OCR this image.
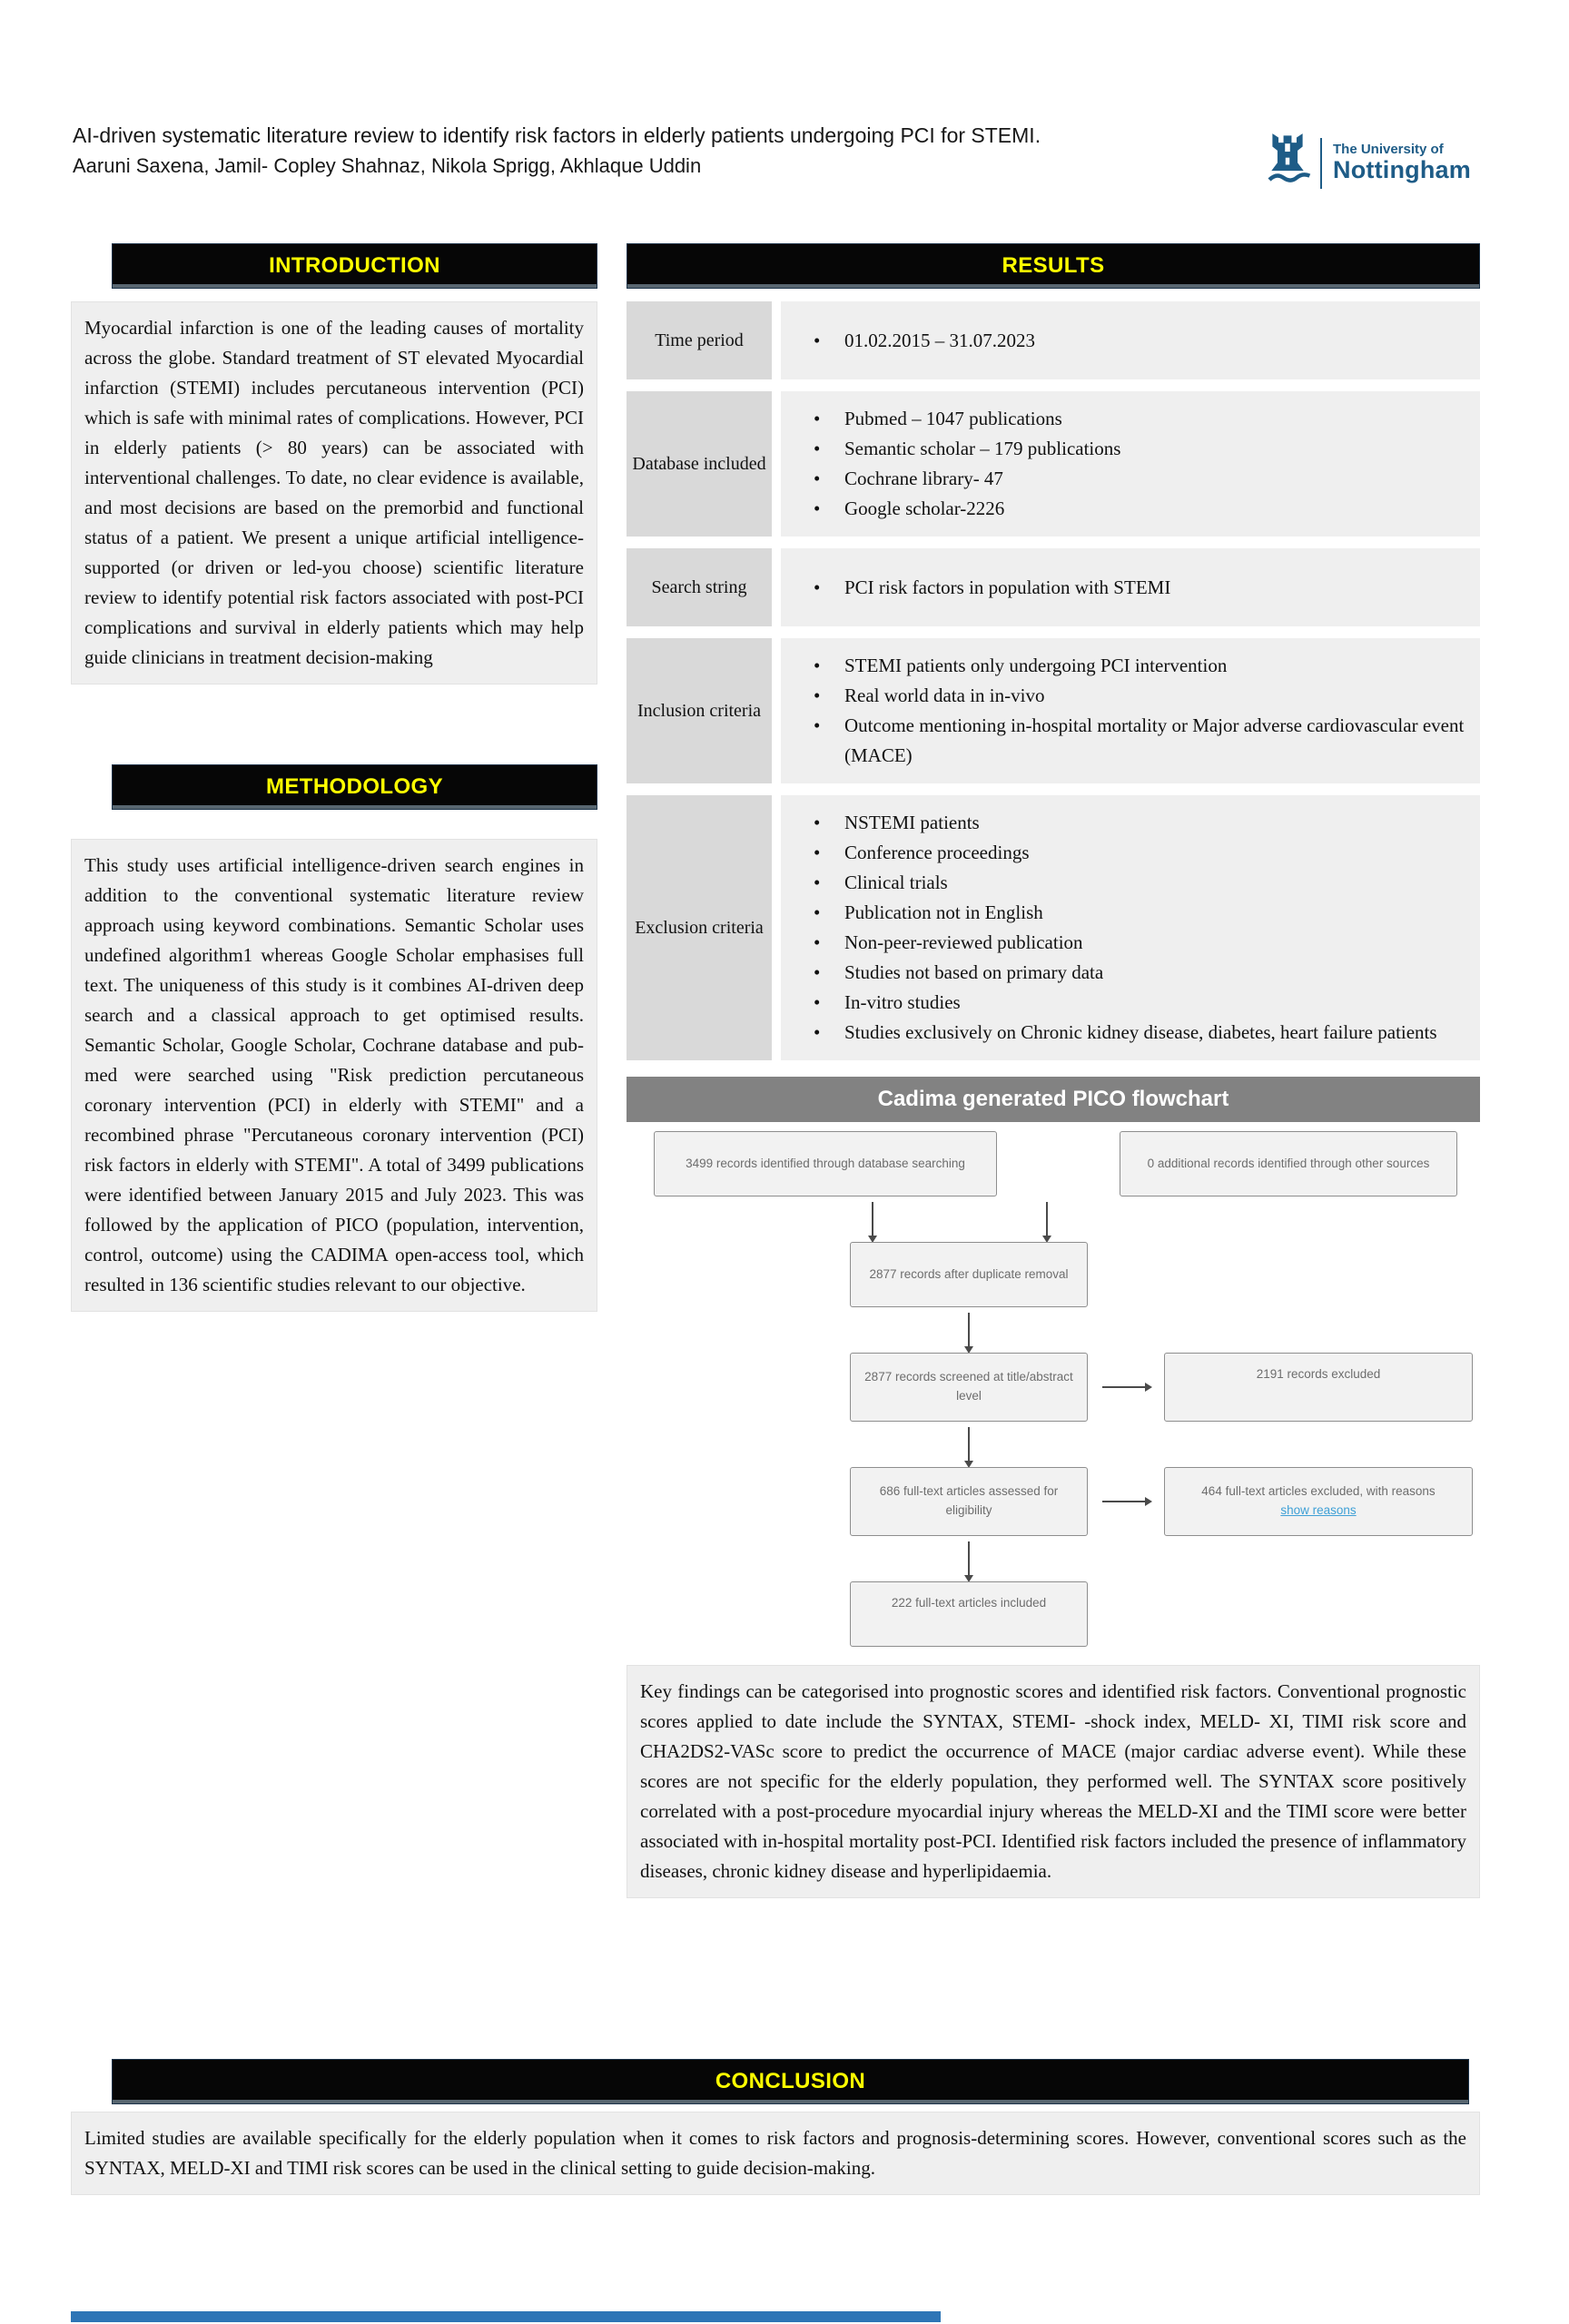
AI-driven systematic literature review to identify risk factors in elderly patients undergoing PCI for STEMI.
Aaruni Saxena, Jamil- Copley Shahnaz, Nikola Sprigg, Akhlaque Uddin
The University of
Nottingham
INTRODUCTION
Myocardial infarction is one of the leading causes of mortality across the globe. Standard treatment of ST elevated Myocardial infarction (STEMI) includes percutaneous intervention (PCI) which is safe with minimal rates of complications. However, PCI in elderly patients (> 80 years) can be associated with interventional challenges. To date, no clear evidence is available, and most decisions are based on the premorbid and functional status of a patient. We present a unique artificial intelligence-supported (or driven or led-you choose) scientific literature review to identify potential risk factors associated with post-PCI complications and survival in elderly patients which may help guide clinicians in treatment decision-making
METHODOLOGY
This study uses artificial intelligence-driven search engines in addition to the conventional systematic literature review approach using keyword combinations. Semantic Scholar uses undefined algorithm1 whereas Google Scholar emphasises full text. The uniqueness of this study is it combines AI-driven deep search and a classical approach to get optimised results. Semantic Scholar, Google Scholar, Cochrane database and pub-med were searched using "Risk prediction percutaneous coronary intervention (PCI) in elderly with STEMI" and a recombined phrase "Percutaneous coronary intervention (PCI) risk factors in elderly with STEMI". A total of 3499 publications were identified between January 2015 and July 2023. This was followed by the application of PICO (population, intervention, control, outcome) using the CADIMA open-access tool, which resulted in 136 scientific studies relevant to our objective.
RESULTS
Time period	• 01.02.2015 – 31.07.2023
Database included
• Pubmed – 1047 publications
• Semantic scholar – 179 publications
• Cochrane library- 47
• Google scholar-2226
Search string	• PCI risk factors in population with STEMI
Inclusion criteria
• STEMI patients only undergoing PCI intervention
• Real world data in in-vivo
• Outcome mentioning in-hospital mortality or Major adverse cardiovascular event (MACE)
Exclusion criteria
• NSTEMI patients
• Conference proceedings
• Clinical trials
• Publication not in English
• Non-peer-reviewed publication
• Studies not based on primary data
• In-vitro studies
• Studies exclusively on Chronic kidney disease, diabetes, heart failure patients
Cadima generated PICO flowchart
3499 records identified through database searching	0 additional records identified through other sources
2877 records after duplicate removal
2877 records screened at title/abstract level
2191 records excluded
686 full-text articles assessed for eligibility
464 full-text articles excluded, with reasons
show reasons
222 full-text articles included
Key findings can be categorised into prognostic scores and identified risk factors. Conventional prognostic scores applied to date include the SYNTAX, STEMI- -shock index, MELD- XI, TIMI risk score and CHA2DS2-VASc score to predict the occurrence of MACE (major cardiac adverse event). While these scores are not specific for the elderly population, they performed well. The SYNTAX score positively correlated with a post-procedure myocardial injury whereas the MELD-XI and the TIMI score were better associated with in-hospital mortality post-PCI. Identified risk factors included the presence of inflammatory diseases, chronic kidney disease and hyperlipidaemia.
CONCLUSION
Limited studies are available specifically for the elderly population when it comes to risk factors and prognosis-determining scores. However, conventional scores such as the SYNTAX, MELD-XI and TIMI risk scores can be used in the clinical setting to guide decision-making.
